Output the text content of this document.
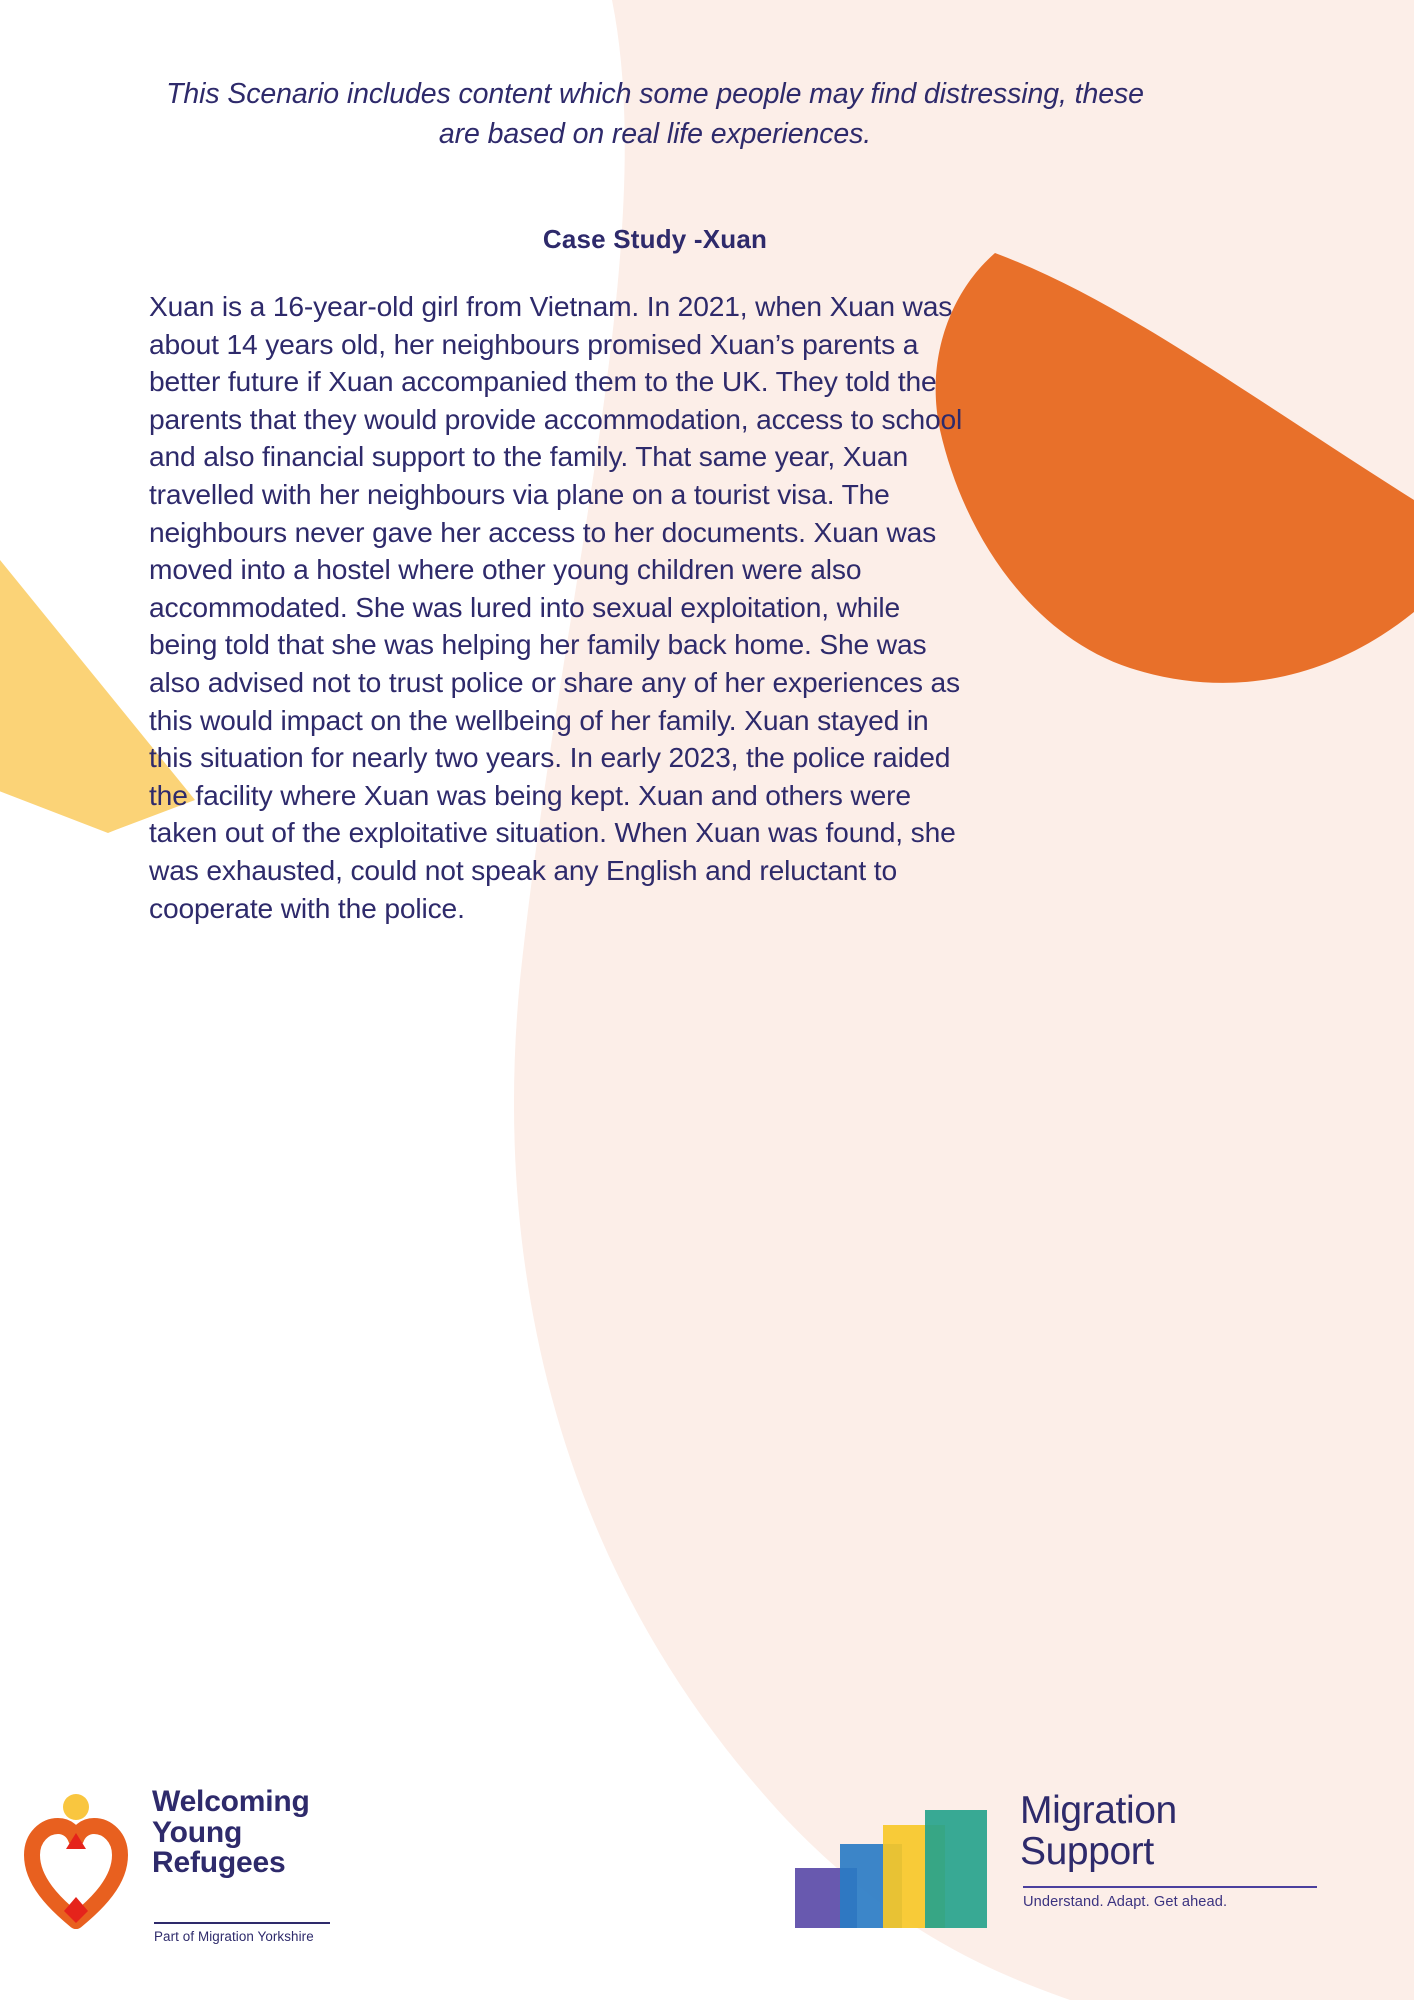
This Scenario includes content which some people may find distressing, these are based on real life experiences.
Case Study -Xuan

Xuan is a 16-year-old girl from Vietnam. In 2021, when Xuan was about 14 years old, her neighbours promised Xuan’s parents a better future if Xuan accompanied them to the UK. They told the parents that they would provide accommodation, access to school and also financial support to the family. That same year, Xuan travelled with her neighbours via plane on a tourist visa. The neighbours never gave her access to her documents. Xuan was moved into a hostel where other young children were also accommodated. She was lured into sexual exploitation, while being told that she was helping her family back home. She was also advised not to trust police or share any of her experiences as this would impact on the wellbeing of her family. Xuan stayed in this situation for nearly two years. In early 2023, the police raided the facility where Xuan was being kept. Xuan and others were taken out of the exploitative situation. When Xuan was found, she was exhausted, could not speak any English and reluctant to cooperate with the police.

Welcoming
Young
Refugees
Part of Migration Yorkshire
Migration
Support
Understand. Adapt. Get ahead.
